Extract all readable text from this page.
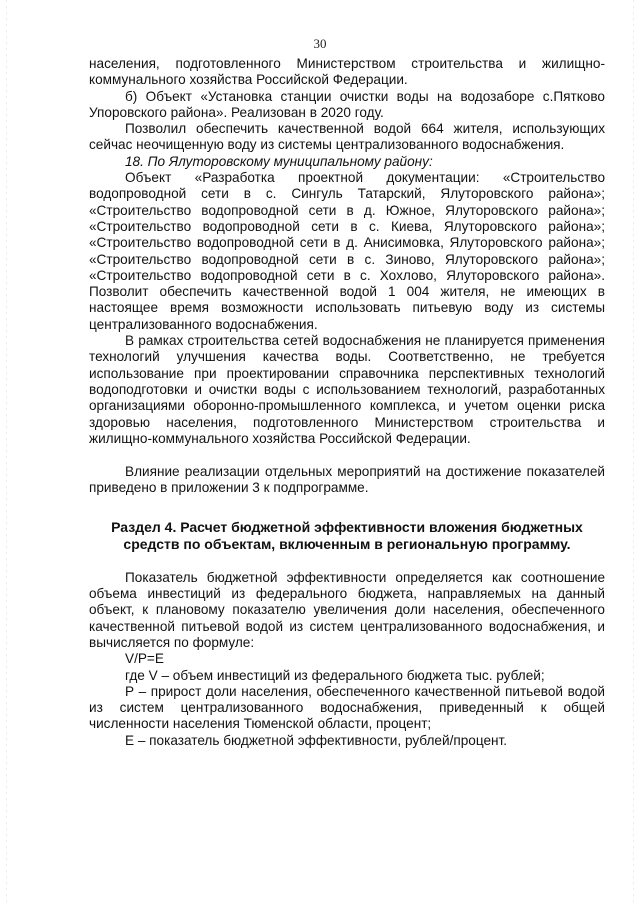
30

населения, подготовленного Министерством строительства и жилищно-коммунального хозяйства Российской Федерации.

б) Объект «Установка станции очистки воды на водозаборе с.Пятково Упоровского района». Реализован в 2020 году.

Позволил обеспечить качественной водой 664 жителя, использующих сейчас неочищенную воду из системы централизованного водоснабжения.

18. По Ялуторовскому муниципальному району:

Объект «Разработка проектной документации: «Строительство водопроводной сети в с. Сингуль Татарский, Ялуторовского района»; «Строительство водопроводной сети в д. Южное, Ялуторовского района»; «Строительство водопроводной сети в с. Киева, Ялуторовского района»; «Строительство водопроводной сети в д. Анисимовка, Ялуторовского района»; «Строительство водопроводной сети в с. Зиново, Ялуторовского района»; «Строительство водопроводной сети в с. Хохлово, Ялуторовского района». Позволит обеспечить качественной водой 1 004 жителя, не имеющих в настоящее время возможности использовать питьевую воду из системы централизованного водоснабжения.

В рамках строительства сетей водоснабжения не планируется применения технологий улучшения качества воды. Соответственно, не требуется использование при проектировании справочника перспективных технологий водоподготовки и очистки воды с использованием технологий, разработанных организациями оборонно-промышленного комплекса, и учетом оценки риска здоровью населения, подготовленного Министерством строительства и жилищно-коммунального хозяйства Российской Федерации.

Влияние реализации отдельных мероприятий на достижение показателей приведено в приложении 3 к подпрограмме.

Раздел 4. Расчет бюджетной эффективности вложения бюджетных средств по объектам, включенным в региональную программу.

Показатель бюджетной эффективности определяется как соотношение объема инвестиций из федерального бюджета, направляемых на данный объект, к плановому показателю увеличения доли населения, обеспеченного качественной питьевой водой из систем централизованного водоснабжения, и вычисляется по формуле:

V/P=E

где V – объем инвестиций из федерального бюджета тыс. рублей;

Р – прирост доли населения, обеспеченного качественной питьевой водой из систем централизованного водоснабжения, приведенный к общей численности населения Тюменской области, процент;

Е – показатель бюджетной эффективности, рублей/процент.
